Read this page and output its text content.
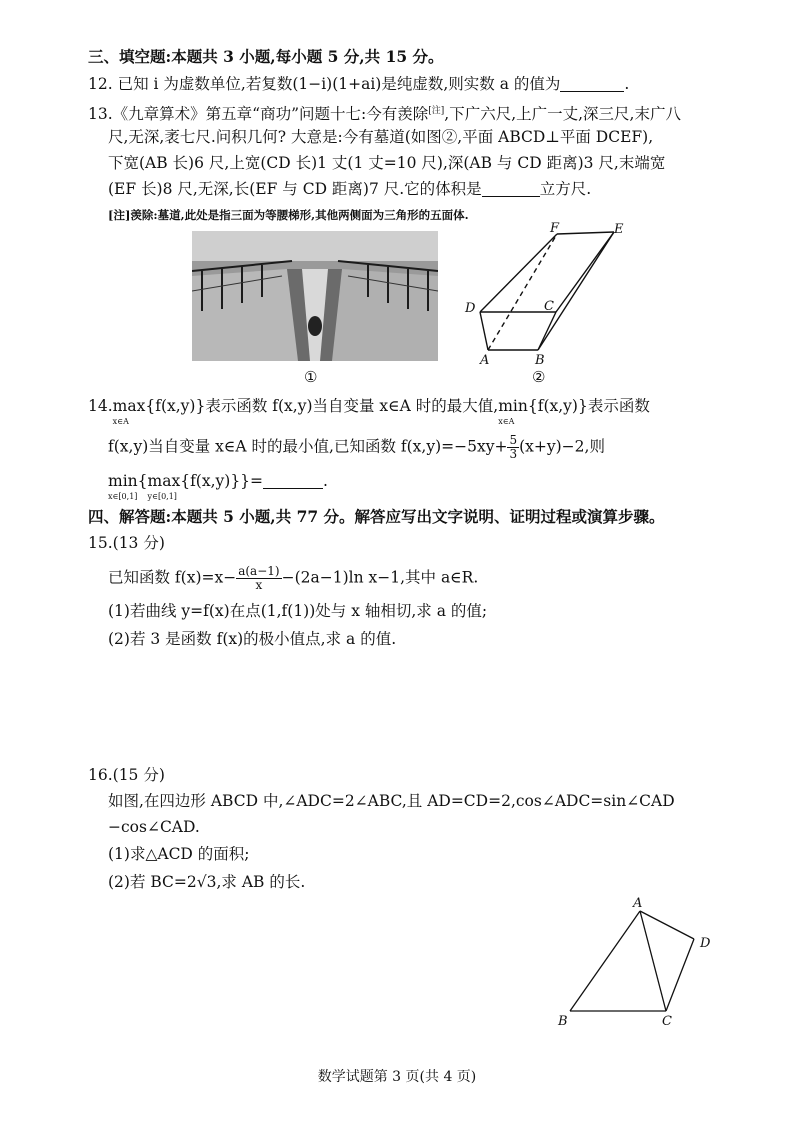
三、填空题:本题共 3 小题,每小题 5 分,共 15 分。
12. 已知 i 为虚数单位,若复数(1−i)(1+ai)是纯虚数,则实数 a 的值为	.
13.《九章算术》第五章“商功”问题十七:今有羡除[注],下广六尺,上广一丈,深三尺,末广八
尺,无深,袤七尺.问积几何? 大意是:今有墓道(如图②,平面 ABCD⊥平面 DCEF),
下宽(AB 长)6 尺,上宽(CD 长)1 丈(1 丈=10 尺),深(AB 与 CD 距离)3 尺,末端宽
(EF 长)8 尺,无深,长(EF 与 CD 距离)7 尺.它的体积是	立方尺.
[注]羡除:墓道,此处是指三面为等腰梯形,其他两侧面为三角形的五面体.
①
F	E
D	C
A	B
②
14.max
x∈A
{f(x,y)}表示函数 f(x,y)当自变量 x∈A 时的最大值,min
x∈A
{f(x,y)}表示函数
f(x,y)当自变量 x∈A 时的最小值,已知函数 $f(x,y)=-5xy+ \frac{5}{3} (x+y)-2$,则
min
x∈[0,1]
{max
y∈[0,1]
{f(x,y)}}=	.
四、解答题:本题共 5 小题,共 77 分。解答应写出文字说明、证明过程或演算步骤。
15.(13 分)
已知函数 $f(x)=x- \frac{a(a-1)}{x} -(2a-1)\ln$ x−1,其中 a∈R.
(1)若曲线 y=f(x)在点(1,f(1))处与 x 轴相切,求 a 的值;
(2)若 3 是函数 f(x)的极小值点,求 a 的值.
16.(15 分)
如图,在四边形 ABCD 中,∠ADC=2∠ABC,且 AD=CD=2,cos∠ADC=sin∠CAD
−cos∠CAD.
(1)求△ACD 的面积;
(2)若 BC=2√3,求 AB 的长.
A
D
B	C
数学试题第 3 页(共 4 页)
